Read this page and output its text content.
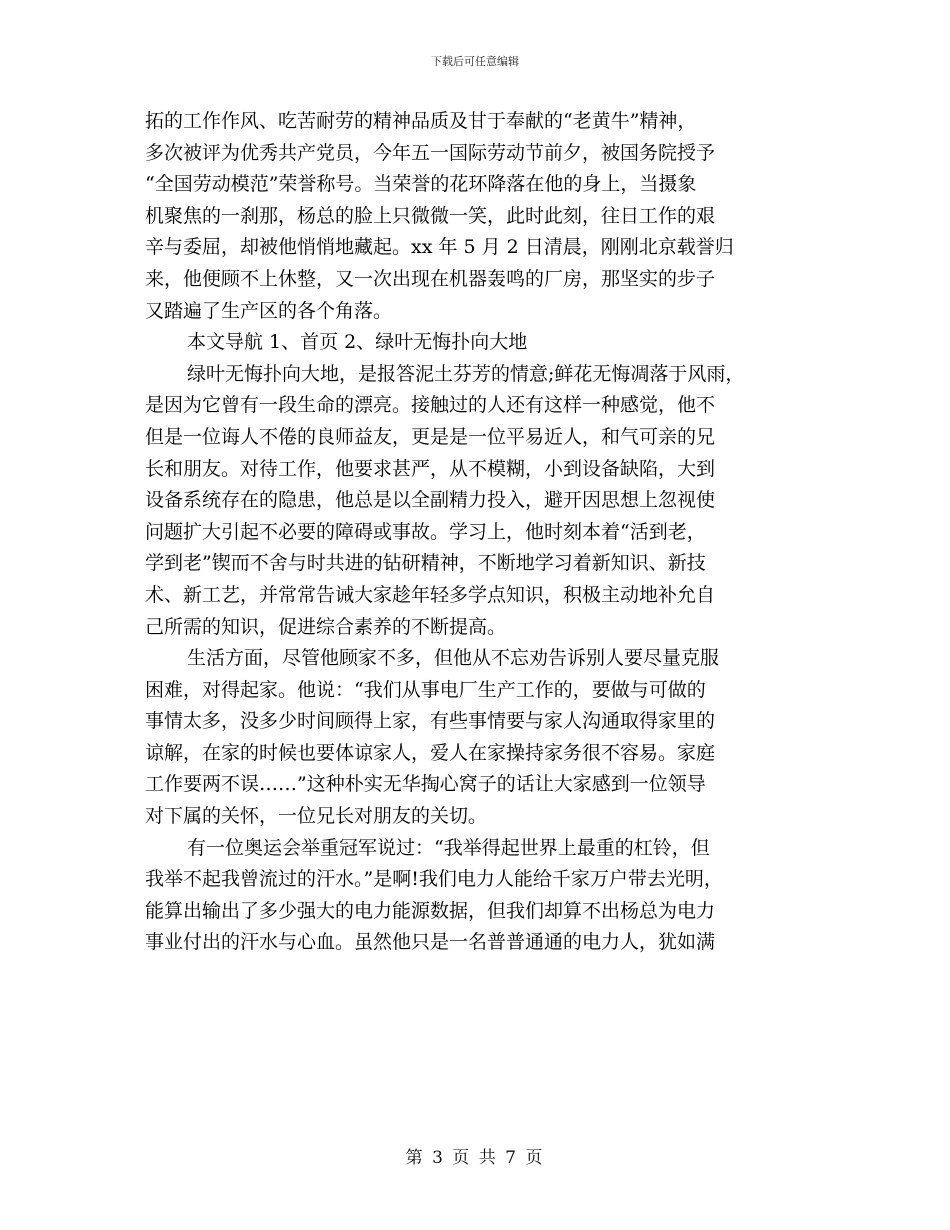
下载后可任意编辑
拓的工作作风、吃苦耐劳的精神品质及甘于奉献的“老黄牛”精神，
多次被评为优秀共产党员，今年五一国际劳动节前夕，被国务院授予
“全国劳动模范”荣誉称号。当荣誉的花环降落在他的身上，当摄象
机聚焦的一刹那，杨总的脸上只微微一笑，此时此刻，往日工作的艰
辛与委屈，却被他悄悄地藏起。xx 年 5 月 2 日清晨，刚刚北京载誉归
来，他便顾不上休整，又一次出现在机器轰鸣的厂房，那坚实的步子
又踏遍了生产区的各个角落。
本文导航 1、首页 2、绿叶无悔扑向大地
绿叶无悔扑向大地，是报答泥土芬芳的情意;鲜花无悔凋落于风雨，
是因为它曾有一段生命的漂亮。接触过的人还有这样一种感觉，他不
但是一位诲人不倦的良师益友，更是是一位平易近人，和气可亲的兄
长和朋友。对待工作，他要求甚严，从不模糊，小到设备缺陷，大到
设备系统存在的隐患，他总是以全副精力投入，避开因思想上忽视使
问题扩大引起不必要的障碍或事故。学习上，他时刻本着“活到老，
学到老”锲而不舍与时共进的钻研精神，不断地学习着新知识、新技
术、新工艺，并常常告诫大家趁年轻多学点知识，积极主动地补允自
己所需的知识，促进综合素养的不断提高。
生活方面，尽管他顾家不多，但他从不忘劝告诉别人要尽量克服
困难，对得起家。他说：“我们从事电厂生产工作的，要做与可做的
事情太多，没多少时间顾得上家，有些事情要与家人沟通取得家里的
谅解，在家的时候也要体谅家人，爱人在家操持家务很不容易。家庭
工作要两不误……”这种朴实无华掏心窝子的话让大家感到一位领导
对下属的关怀，一位兄长对朋友的关切。
有一位奥运会举重冠军说过：“我举得起世界上最重的杠铃，但
我举不起我曾流过的汗水。”是啊!我们电力人能给千家万户带去光明，
能算出输出了多少强大的电力能源数据，但我们却算不出杨总为电力
事业付出的汗水与心血。虽然他只是一名普普通通的电力人，犹如满
第 3 页 共 7 页
